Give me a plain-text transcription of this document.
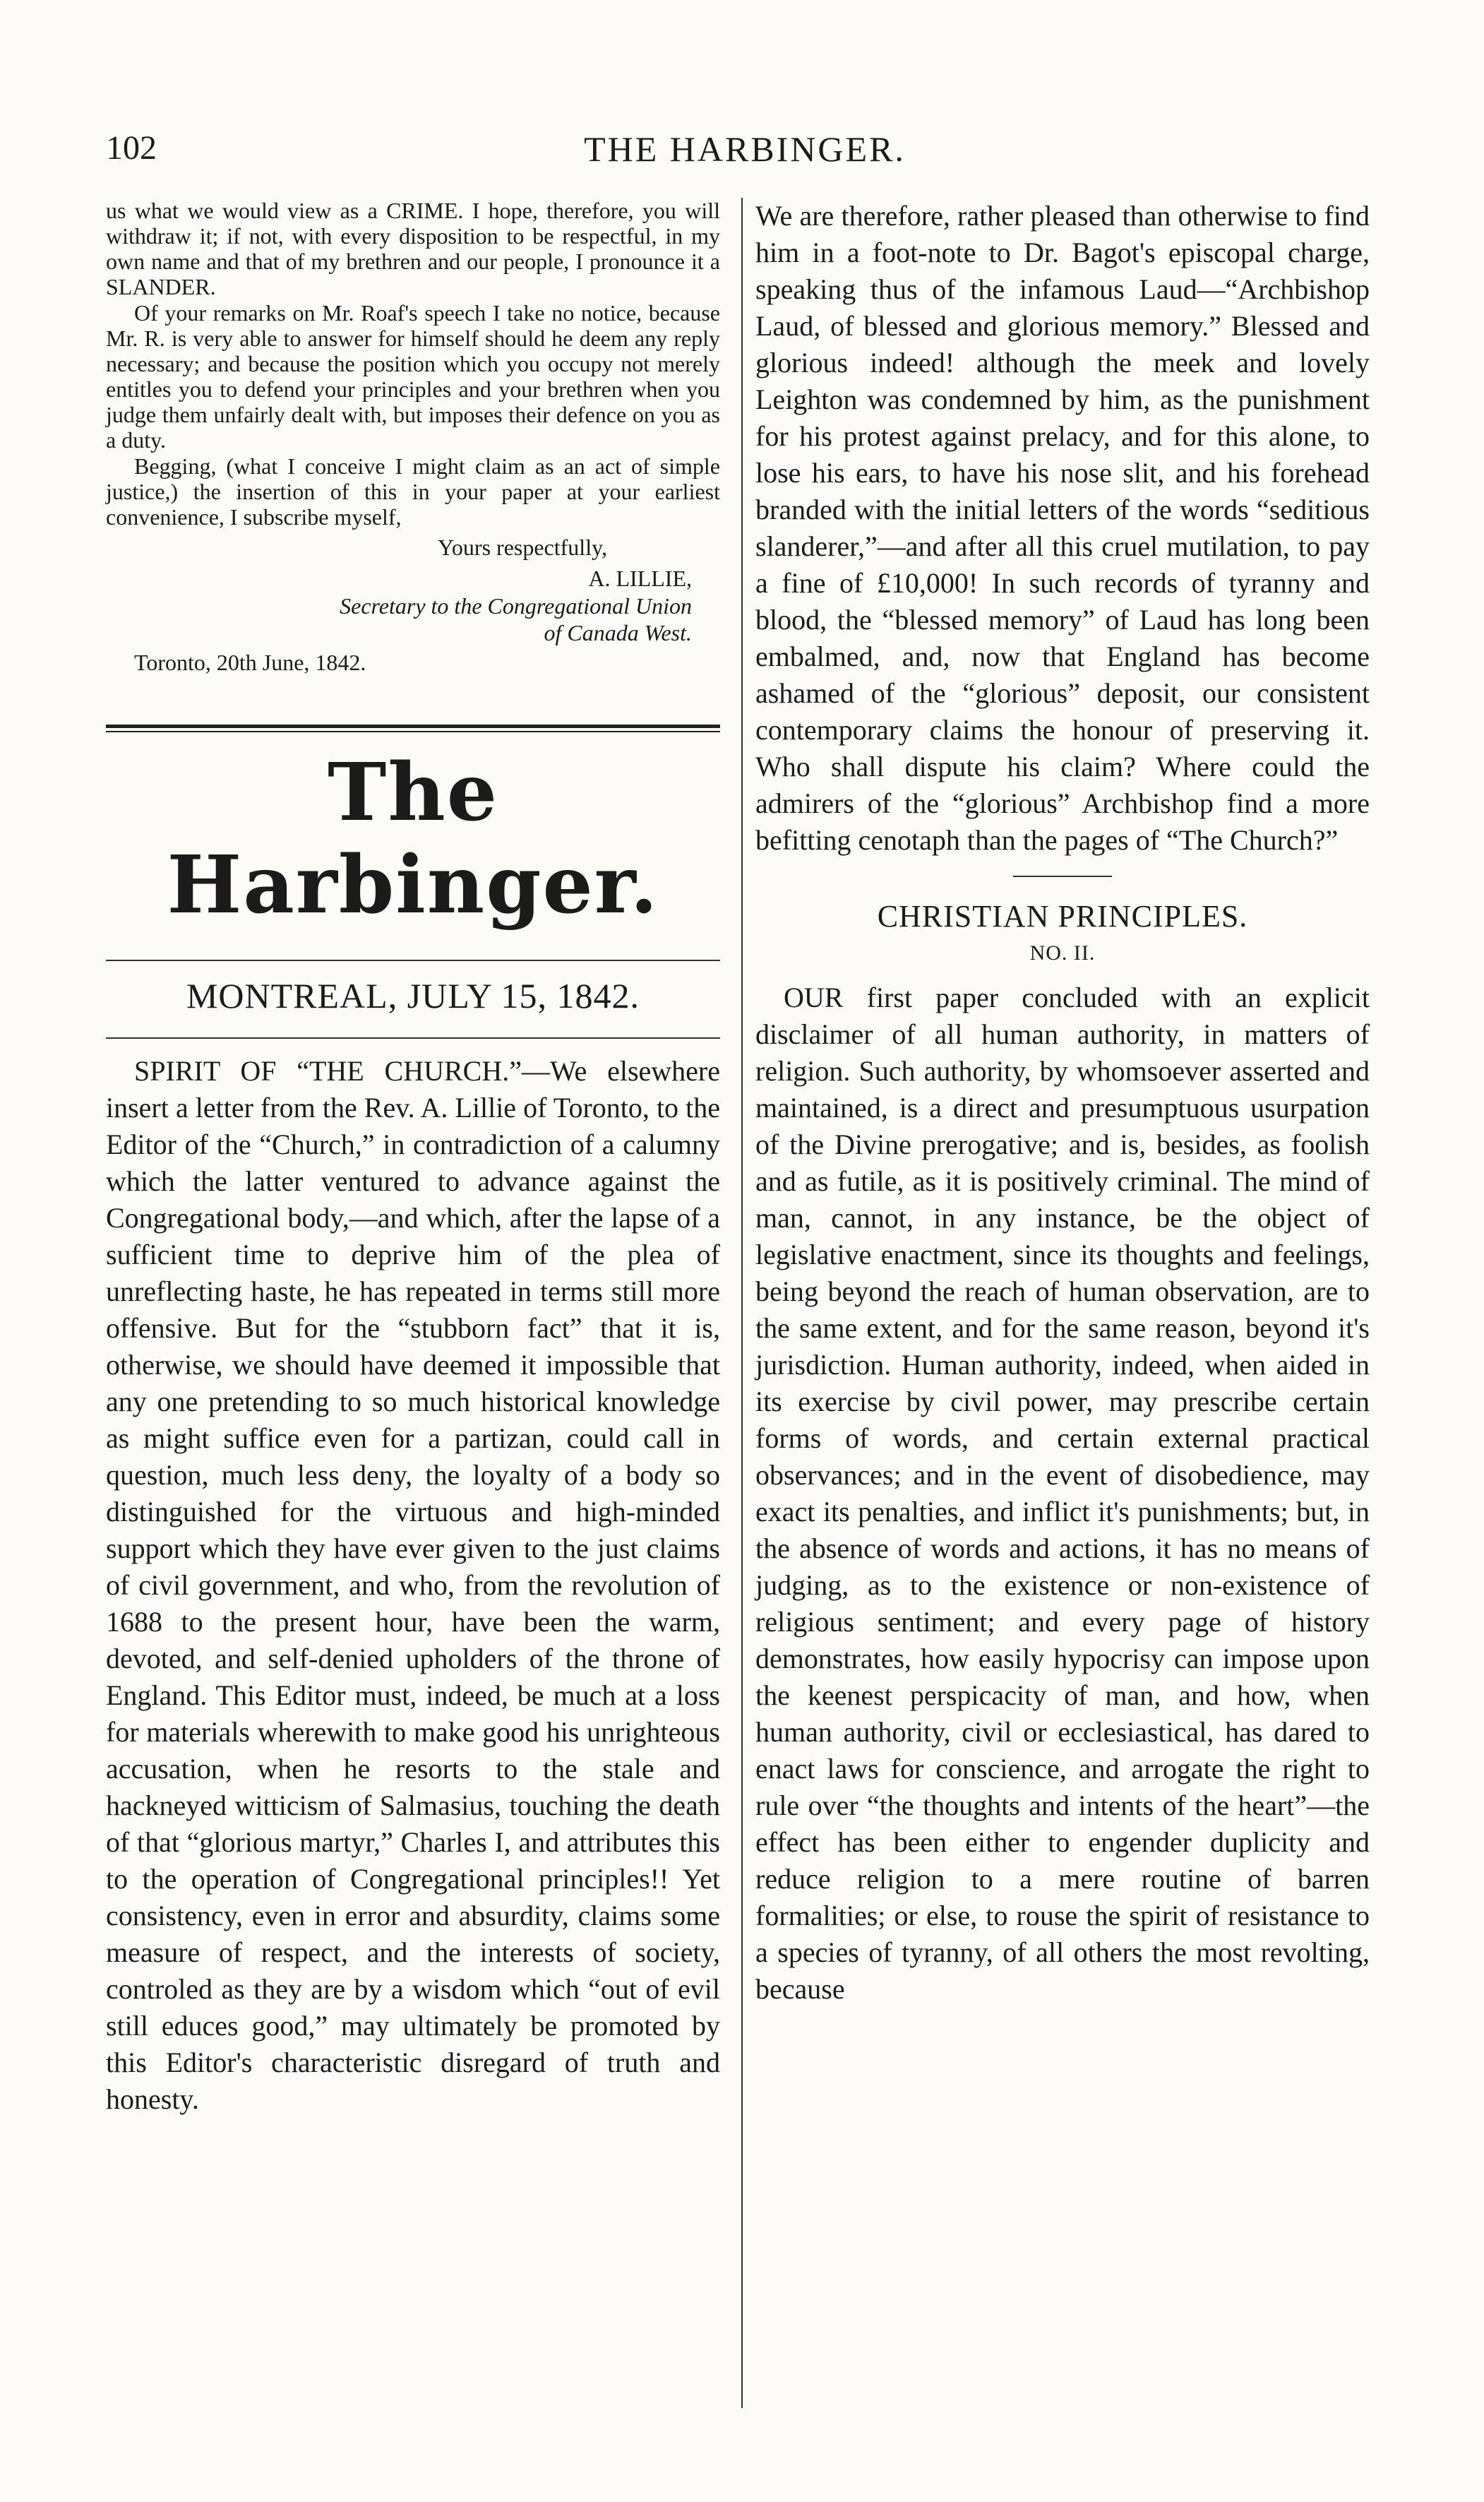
102	THE HARBINGER.

us what we would view as a CRIME. I hope, therefore, you will withdraw it; if not, with every disposition to be respectful, in my own name and that of my brethren and our people, I pronounce it a SLANDER.

Of your remarks on Mr. Roaf's speech I take no notice, because Mr. R. is very able to answer for himself should he deem any reply necessary; and because the position which you occupy not merely entitles you to defend your principles and your brethren when you judge them unfairly dealt with, but imposes their defence on you as a duty.

Begging, (what I conceive I might claim as an act of simple justice,) the insertion of this in your paper at your earliest convenience, I subscribe myself,

Yours respectfully,

A. LILLIE,

Secretary to the Congregational Union

of Canada West.

Toronto, 20th June, 1842.

The Harbinger.
MONTREAL, JULY 15, 1842.

SPIRIT OF “THE CHURCH.”—We elsewhere insert a letter from the Rev. A. Lillie of Toronto, to the Editor of the “Church,” in contradiction of a calumny which the latter ventured to advance against the Congregational body,—and which, after the lapse of a sufficient time to deprive him of the plea of unreflecting haste, he has repeated in terms still more offensive. But for the “stubborn fact” that it is, otherwise, we should have deemed it impossible that any one pretending to so much historical knowledge as might suffice even for a partizan, could call in question, much less deny, the loyalty of a body so distinguished for the virtuous and high-minded support which they have ever given to the just claims of civil government, and who, from the revolution of 1688 to the present hour, have been the warm, devoted, and self-denied upholders of the throne of England. This Editor must, indeed, be much at a loss for materials wherewith to make good his unrighteous accusation, when he resorts to the stale and hackneyed witticism of Salmasius, touching the death of that “glorious martyr,” Charles I, and attributes this to the operation of Congregational principles!! Yet consistency, even in error and absurdity, claims some measure of respect, and the interests of society, controled as they are by a wisdom which “out of evil still educes good,” may ultimately be promoted by this Editor's characteristic disregard of truth and honesty.

We are therefore, rather pleased than otherwise to find him in a foot-note to Dr. Bagot's episcopal charge, speaking thus of the infamous Laud—“Archbishop Laud, of blessed and glorious memory.” Blessed and glorious indeed! although the meek and lovely Leighton was condemned by him, as the punishment for his protest against prelacy, and for this alone, to lose his ears, to have his nose slit, and his forehead branded with the initial letters of the words “seditious slanderer,”—and after all this cruel mutilation, to pay a fine of £10,000! In such records of tyranny and blood, the “blessed memory” of Laud has long been embalmed, and, now that England has become ashamed of the “glorious” deposit, our consistent contemporary claims the honour of preserving it. Who shall dispute his claim? Where could the admirers of the “glorious” Archbishop find a more befitting cenotaph than the pages of “The Church?”

CHRISTIAN PRINCIPLES.
NO. II.

OUR first paper concluded with an explicit disclaimer of all human authority, in matters of religion. Such authority, by whomsoever asserted and maintained, is a direct and presumptuous usurpation of the Divine prerogative; and is, besides, as foolish and as futile, as it is positively criminal. The mind of man, cannot, in any instance, be the object of legislative enactment, since its thoughts and feelings, being beyond the reach of human observation, are to the same extent, and for the same reason, beyond it's jurisdiction. Human authority, indeed, when aided in its exercise by civil power, may prescribe certain forms of words, and certain external practical observances; and in the event of disobedience, may exact its penalties, and inflict it's punishments; but, in the absence of words and actions, it has no means of judging, as to the existence or non-existence of religious sentiment; and every page of history demonstrates, how easily hypocrisy can impose upon the keenest perspicacity of man, and how, when human authority, civil or ecclesiastical, has dared to enact laws for conscience, and arrogate the right to rule over “the thoughts and intents of the heart”—the effect has been either to engender duplicity and reduce religion to a mere routine of barren formalities; or else, to rouse the spirit of resistance to a species of tyranny, of all others the most revolting, because
